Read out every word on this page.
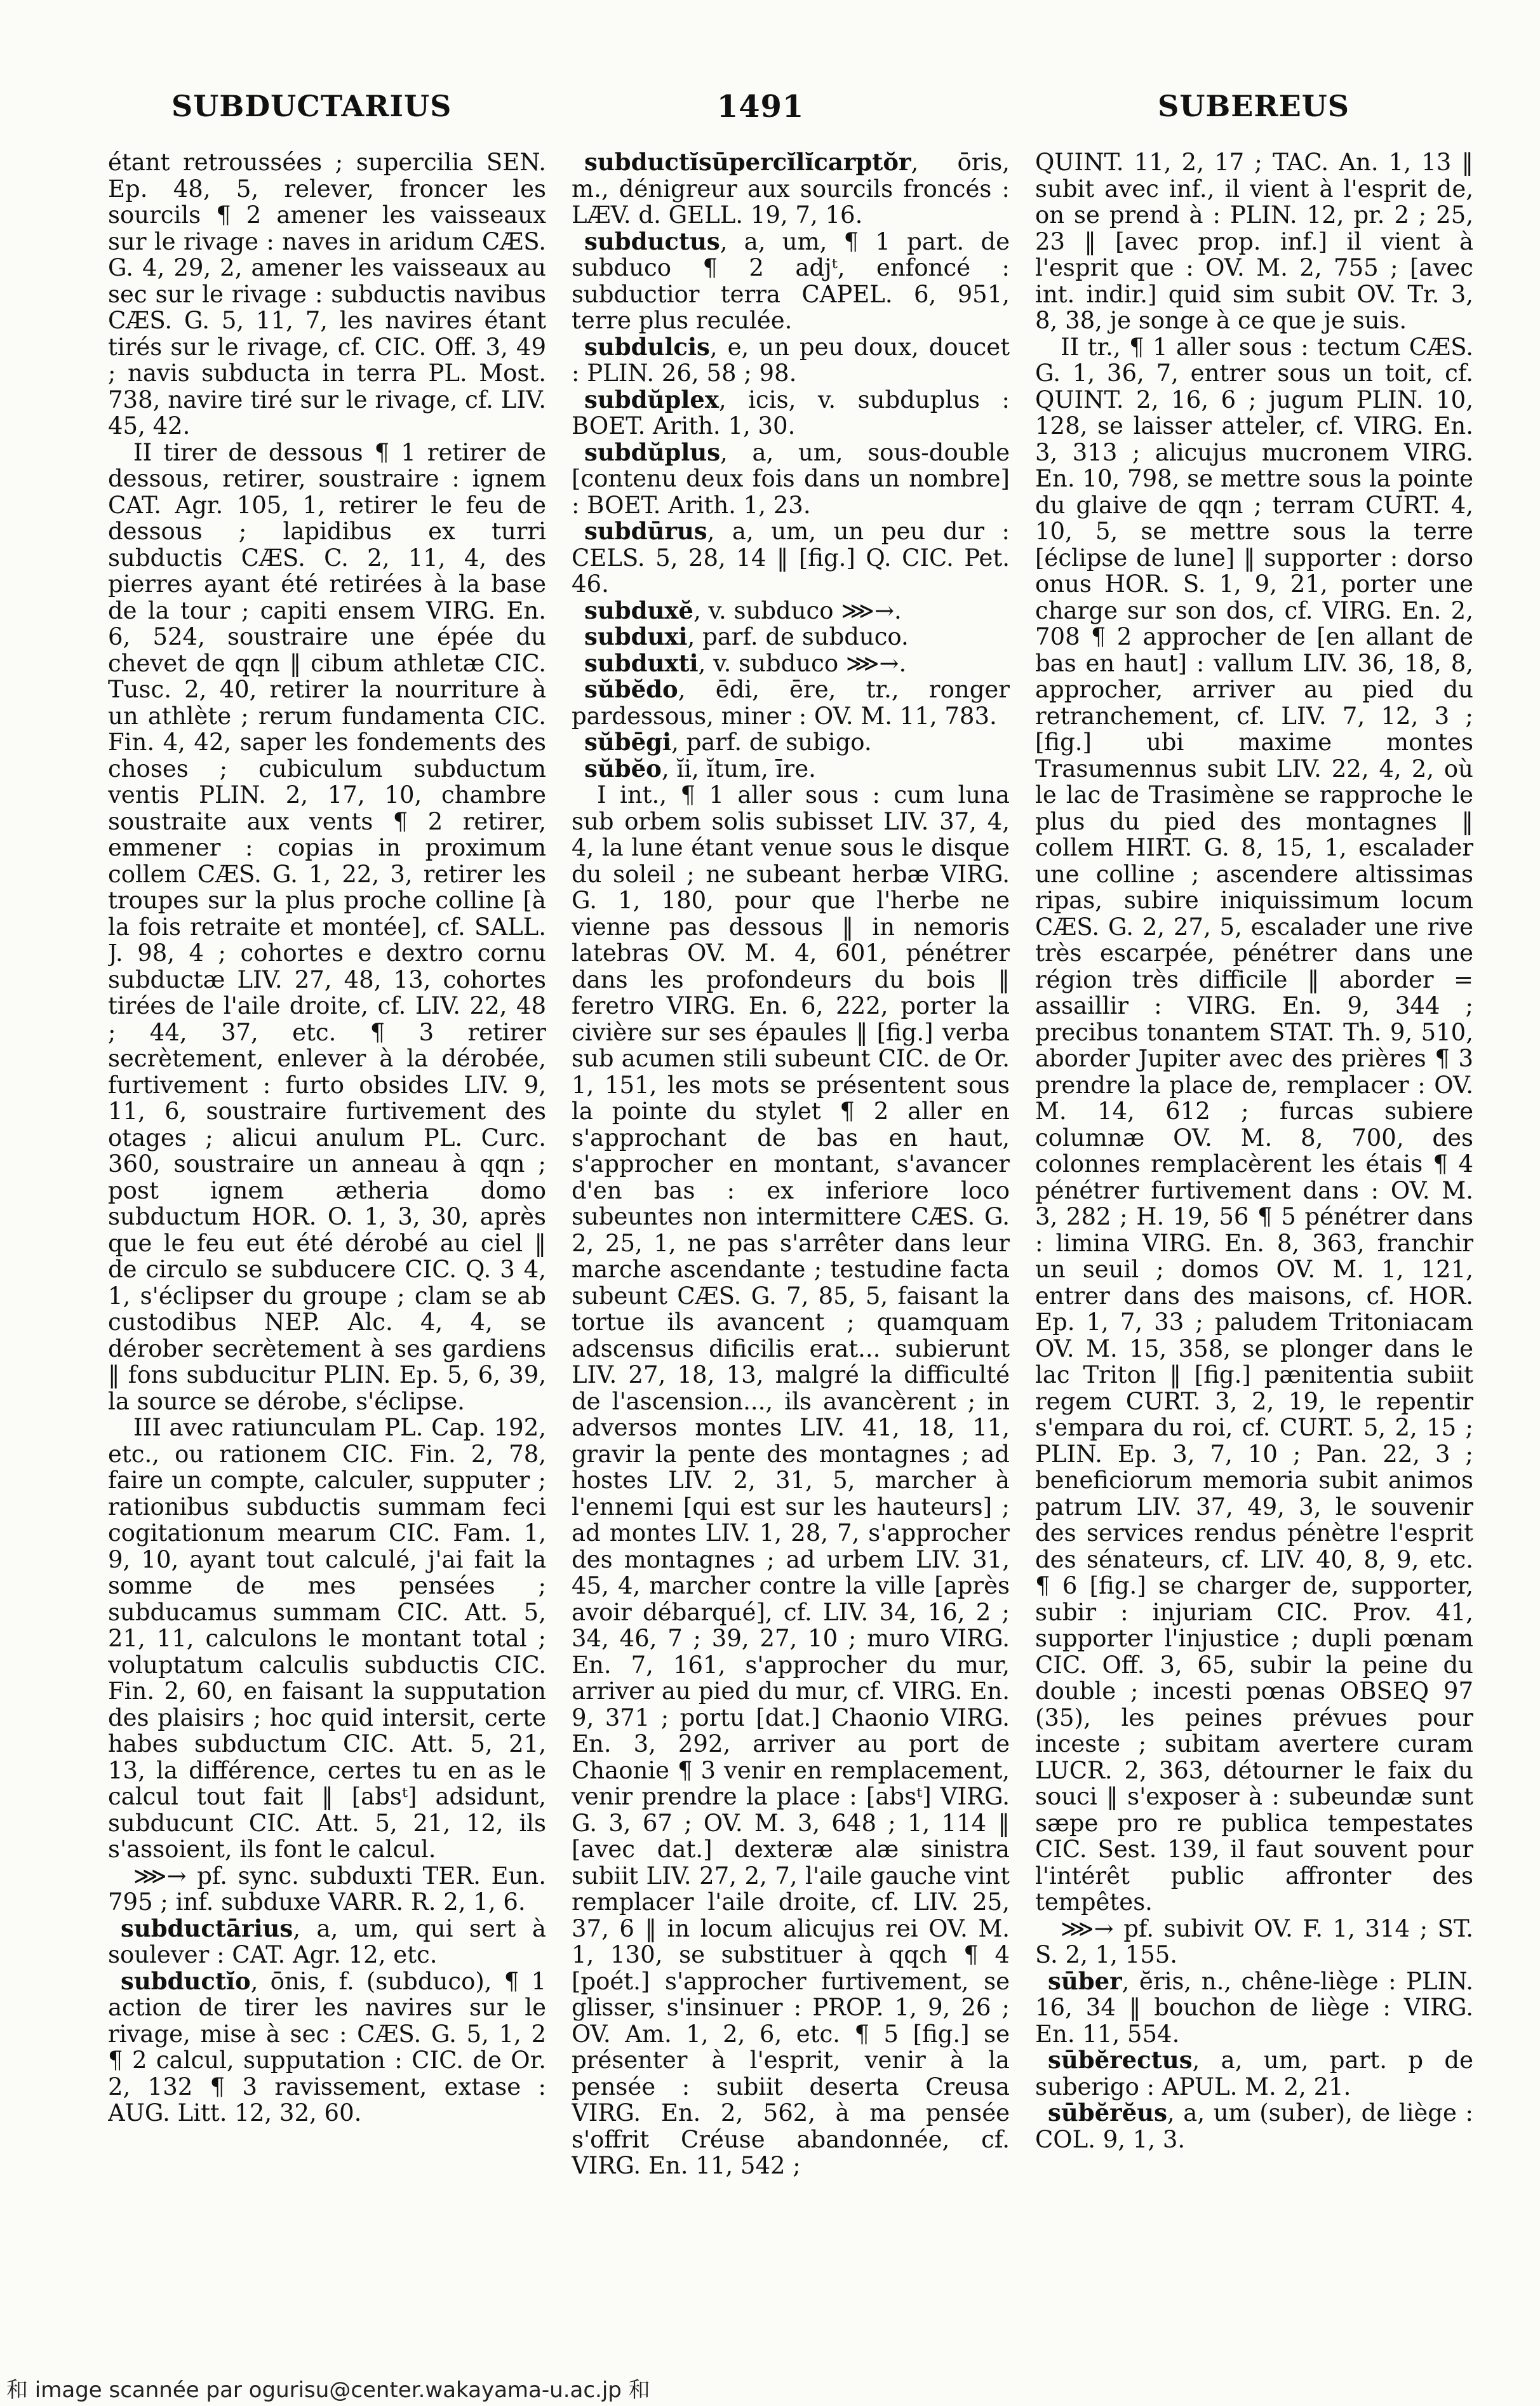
SUBDUCTARIUS	1491	SUBEREUS

étant retroussées ; supercilia SEN. Ep. 48, 5, relever, froncer les sourcils ¶ 2 amener les vaisseaux sur le rivage : naves in aridum CÆS. G. 4, 29, 2, amener les vaisseaux au sec sur le rivage : subductis navibus CÆS. G. 5, 11, 7, les navires étant tirés sur le rivage, cf. CIC. Off. 3, 49 ; navis subducta in terra PL. Most. 738, navire tiré sur le rivage, cf. LIV. 45, 42.

II tirer de dessous ¶ 1 retirer de dessous, retirer, soustraire : ignem CAT. Agr. 105, 1, retirer le feu de dessous ; lapidibus ex turri subductis CÆS. C. 2, 11, 4, des pierres ayant été retirées à la base de la tour ; capiti ensem VIRG. En. 6, 524, soustraire une épée du chevet de qqn ‖ cibum athletæ CIC. Tusc. 2, 40, retirer la nourriture à un athlète ; rerum fundamenta CIC. Fin. 4, 42, saper les fondements des choses ; cubiculum subductum ventis PLIN. 2, 17, 10, chambre soustraite aux vents ¶ 2 retirer, emmener : copias in proximum collem CÆS. G. 1, 22, 3, retirer les troupes sur la plus proche colline [à la fois retraite et montée], cf. SALL. J. 98, 4 ; cohortes e dextro cornu subductæ LIV. 27, 48, 13, cohortes tirées de l'aile droite, cf. LIV. 22, 48 ; 44, 37, etc. ¶ 3 retirer secrètement, enlever à la dérobée, furtivement : furto obsides LIV. 9, 11, 6, soustraire furtivement des otages ; alicui anulum PL. Curc. 360, soustraire un anneau à qqn ; post ignem ætheria domo subductum HOR. O. 1, 3, 30, après que le feu eut été dérobé au ciel ‖ de circulo se subducere CIC. Q. 3 4, 1, s'éclipser du groupe ; clam se ab custodibus NEP. Alc. 4, 4, se dérober secrètement à ses gardiens ‖ fons subducitur PLIN. Ep. 5, 6, 39, la source se dérobe, s'éclipse.

III avec ratiunculam PL. Cap. 192, etc., ou rationem CIC. Fin. 2, 78, faire un compte, calculer, supputer ; rationibus subductis summam feci cogitationum mearum CIC. Fam. 1, 9, 10, ayant tout calculé, j'ai fait la somme de mes pensées ; subducamus summam CIC. Att. 5, 21, 11, calculons le montant total ; voluptatum calculis subductis CIC. Fin. 2, 60, en faisant la supputation des plaisirs ; hoc quid intersit, certe habes subductum CIC. Att. 5, 21, 13, la différence, certes tu en as le calcul tout fait ‖ [absᵗ] adsidunt, subducunt CIC. Att. 5, 21, 12, ils s'assoient, ils font le calcul.

⋙→ pf. sync. subduxti TER. Eun. 795 ; inf. subduxe VARR. R. 2, 1, 6.

subductārius, a, um, qui sert à soulever : CAT. Agr. 12, etc.

subductĭo, ōnis, f. (subduco), ¶ 1 action de tirer les navires sur le rivage, mise à sec : CÆS. G. 5, 1, 2 ¶ 2 calcul, supputation : CIC. de Or. 2, 132 ¶ 3 ravissement, extase : AUG. Litt. 12, 32, 60.

subductĭsūpercĭlĭcarptŏr, ōris, m., dénigreur aux sourcils froncés : LÆV. d. GELL. 19, 7, 16.

subductus, a, um, ¶ 1 part. de subduco ¶ 2 adjᵗ, enfoncé : subductior terra CAPEL. 6, 951, terre plus reculée.

subdulcis, e, un peu doux, doucet : PLIN. 26, 58 ; 98.

subdŭplex, icis, v. subduplus : BOET. Arith. 1, 30.

subdŭplus, a, um, sous-double [contenu deux fois dans un nombre] : BOET. Arith. 1, 23.

subdūrus, a, um, un peu dur : CELS. 5, 28, 14 ‖ [fig.] Q. CIC. Pet. 46.

subduxĕ, v. subduco ⋙→.

subduxi, parf. de subduco.

subduxti, v. subduco ⋙→.

sŭbĕdo, ēdi, ēre, tr., ronger pardessous, miner : OV. M. 11, 783.

sŭbēgi, parf. de subigo.

sŭbĕo, ĭi, ĭtum, īre.

I int., ¶ 1 aller sous : cum luna sub orbem solis subisset LIV. 37, 4, 4, la lune étant venue sous le disque du soleil ; ne subeant herbæ VIRG. G. 1, 180, pour que l'herbe ne vienne pas dessous ‖ in nemoris latebras OV. M. 4, 601, pénétrer dans les profondeurs du bois ‖ feretro VIRG. En. 6, 222, porter la civière sur ses épaules ‖ [fig.] verba sub acumen stili subeunt CIC. de Or. 1, 151, les mots se présentent sous la pointe du stylet ¶ 2 aller en s'approchant de bas en haut, s'approcher en montant, s'avancer d'en bas : ex inferiore loco subeuntes non intermittere CÆS. G. 2, 25, 1, ne pas s'arrêter dans leur marche ascendante ; testudine facta subeunt CÆS. G. 7, 85, 5, faisant la tortue ils avancent ; quamquam adscensus dificilis erat... subierunt LIV. 27, 18, 13, malgré la difficulté de l'ascension..., ils avancèrent ; in adversos montes LIV. 41, 18, 11, gravir la pente des montagnes ; ad hostes LIV. 2, 31, 5, marcher à l'ennemi [qui est sur les hauteurs] ; ad montes LIV. 1, 28, 7, s'approcher des montagnes ; ad urbem LIV. 31, 45, 4, marcher contre la ville [après avoir débarqué], cf. LIV. 34, 16, 2 ; 34, 46, 7 ; 39, 27, 10 ; muro VIRG. En. 7, 161, s'approcher du mur, arriver au pied du mur, cf. VIRG. En. 9, 371 ; portu [dat.] Chaonio VIRG. En. 3, 292, arriver au port de Chaonie ¶ 3 venir en remplacement, venir prendre la place : [absᵗ] VIRG. G. 3, 67 ; OV. M. 3, 648 ; 1, 114 ‖ [avec dat.] dexteræ alæ sinistra subiit LIV. 27, 2, 7, l'aile gauche vint remplacer l'aile droite, cf. LIV. 25, 37, 6 ‖ in locum alicujus rei OV. M. 1, 130, se substituer à qqch ¶ 4 [poét.] s'approcher furtivement, se glisser, s'insinuer : PROP. 1, 9, 26 ; OV. Am. 1, 2, 6, etc. ¶ 5 [fig.] se présenter à l'esprit, venir à la pensée : subiit deserta Creusa VIRG. En. 2, 562, à ma pensée s'offrit Créuse abandonnée, cf. VIRG. En. 11, 542 ;

QUINT. 11, 2, 17 ; TAC. An. 1, 13 ‖ subit avec inf., il vient à l'esprit de, on se prend à : PLIN. 12, pr. 2 ; 25, 23 ‖ [avec prop. inf.] il vient à l'esprit que : OV. M. 2, 755 ; [avec int. indir.] quid sim subit OV. Tr. 3, 8, 38, je songe à ce que je suis.

II tr., ¶ 1 aller sous : tectum CÆS. G. 1, 36, 7, entrer sous un toit, cf. QUINT. 2, 16, 6 ; jugum PLIN. 10, 128, se laisser atteler, cf. VIRG. En. 3, 313 ; alicujus mucronem VIRG. En. 10, 798, se mettre sous la pointe du glaive de qqn ; terram CURT. 4, 10, 5, se mettre sous la terre [éclipse de lune] ‖ supporter : dorso onus HOR. S. 1, 9, 21, porter une charge sur son dos, cf. VIRG. En. 2, 708 ¶ 2 approcher de [en allant de bas en haut] : vallum LIV. 36, 18, 8, approcher, arriver au pied du retranchement, cf. LIV. 7, 12, 3 ; [fig.] ubi maxime montes Trasumennus subit LIV. 22, 4, 2, où le lac de Trasimène se rapproche le plus du pied des montagnes ‖ collem HIRT. G. 8, 15, 1, escalader une colline ; ascendere altissimas ripas, subire iniquissimum locum CÆS. G. 2, 27, 5, escalader une rive très escarpée, pénétrer dans une région très difficile ‖ aborder = assaillir : VIRG. En. 9, 344 ; precibus tonantem STAT. Th. 9, 510, aborder Jupiter avec des prières ¶ 3 prendre la place de, remplacer : OV. M. 14, 612 ; furcas subiere columnæ OV. M. 8, 700, des colonnes remplacèrent les étais ¶ 4 pénétrer furtivement dans : OV. M. 3, 282 ; H. 19, 56 ¶ 5 pénétrer dans : limina VIRG. En. 8, 363, franchir un seuil ; domos OV. M. 1, 121, entrer dans des maisons, cf. HOR. Ep. 1, 7, 33 ; paludem Tritoniacam OV. M. 15, 358, se plonger dans le lac Triton ‖ [fig.] pænitentia subiit regem CURT. 3, 2, 19, le repentir s'empara du roi, cf. CURT. 5, 2, 15 ; PLIN. Ep. 3, 7, 10 ; Pan. 22, 3 ; beneficiorum memoria subit animos patrum LIV. 37, 49, 3, le souvenir des services rendus pénètre l'esprit des sénateurs, cf. LIV. 40, 8, 9, etc. ¶ 6 [fig.] se charger de, supporter, subir : injuriam CIC. Prov. 41, supporter l'injustice ; dupli pœnam CIC. Off. 3, 65, subir la peine du double ; incesti pœnas OBSEQ 97 (35), les peines prévues pour inceste ; subitam avertere curam LUCR. 2, 363, détourner le faix du souci ‖ s'exposer à : subeundæ sunt sæpe pro re publica tempestates CIC. Sest. 139, il faut souvent pour l'intérêt public affronter des tempêtes.

⋙→ pf. subivit OV. F. 1, 314 ; ST. S. 2, 1, 155.

sūber, ĕris, n., chêne-liège : PLIN. 16, 34 ‖ bouchon de liège : VIRG. En. 11, 554.

sūbĕrectus, a, um, part. p de suberigo : APUL. M. 2, 21.

sūbĕrĕus, a, um (suber), de liège : COL. 9, 1, 3.

和 image scannée par ogurisu@center.wakayama-u.ac.jp 和
